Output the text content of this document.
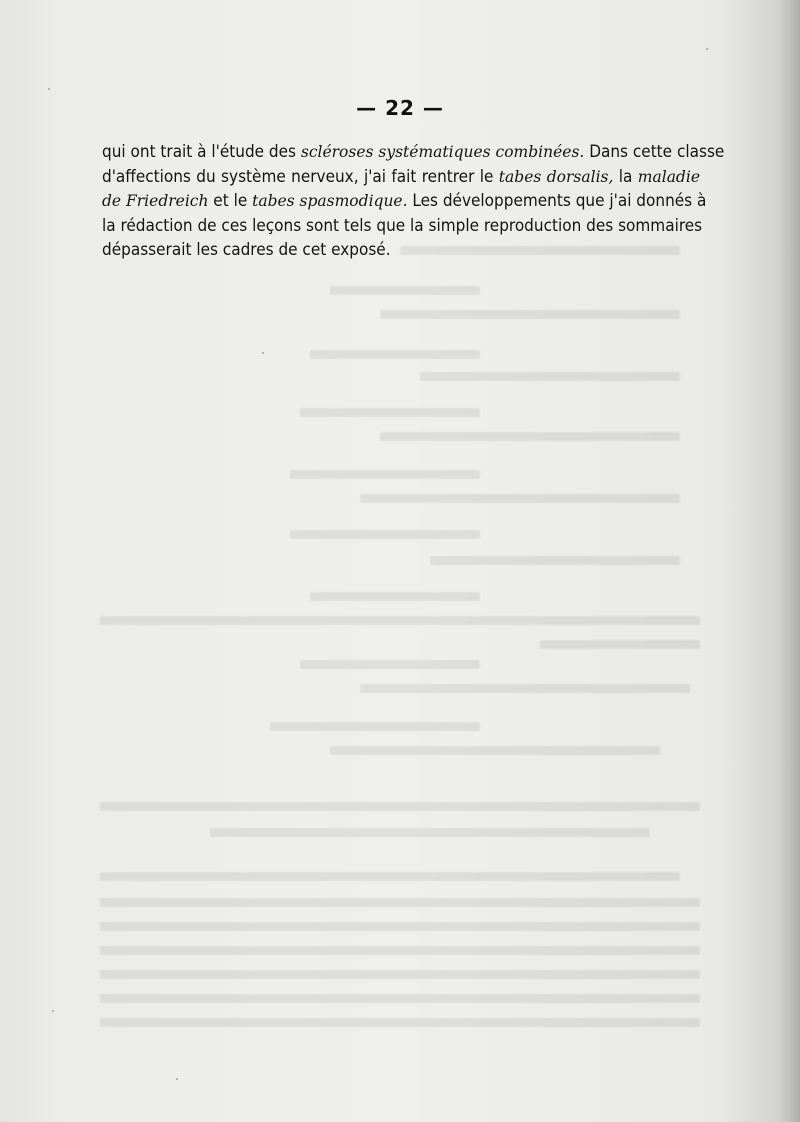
— 22 —
qui ont trait à l'étude des scléroses systématiques combinées. Dans cette classe
d'affections du système nerveux, j'ai fait rentrer le tabes dorsalis, la maladie
de Friedreich et le tabes spasmodique. Les développements que j'ai donnés à
la rédaction de ces leçons sont tels que la simple reproduction des sommaires
dépasserait les cadres de cet exposé.
